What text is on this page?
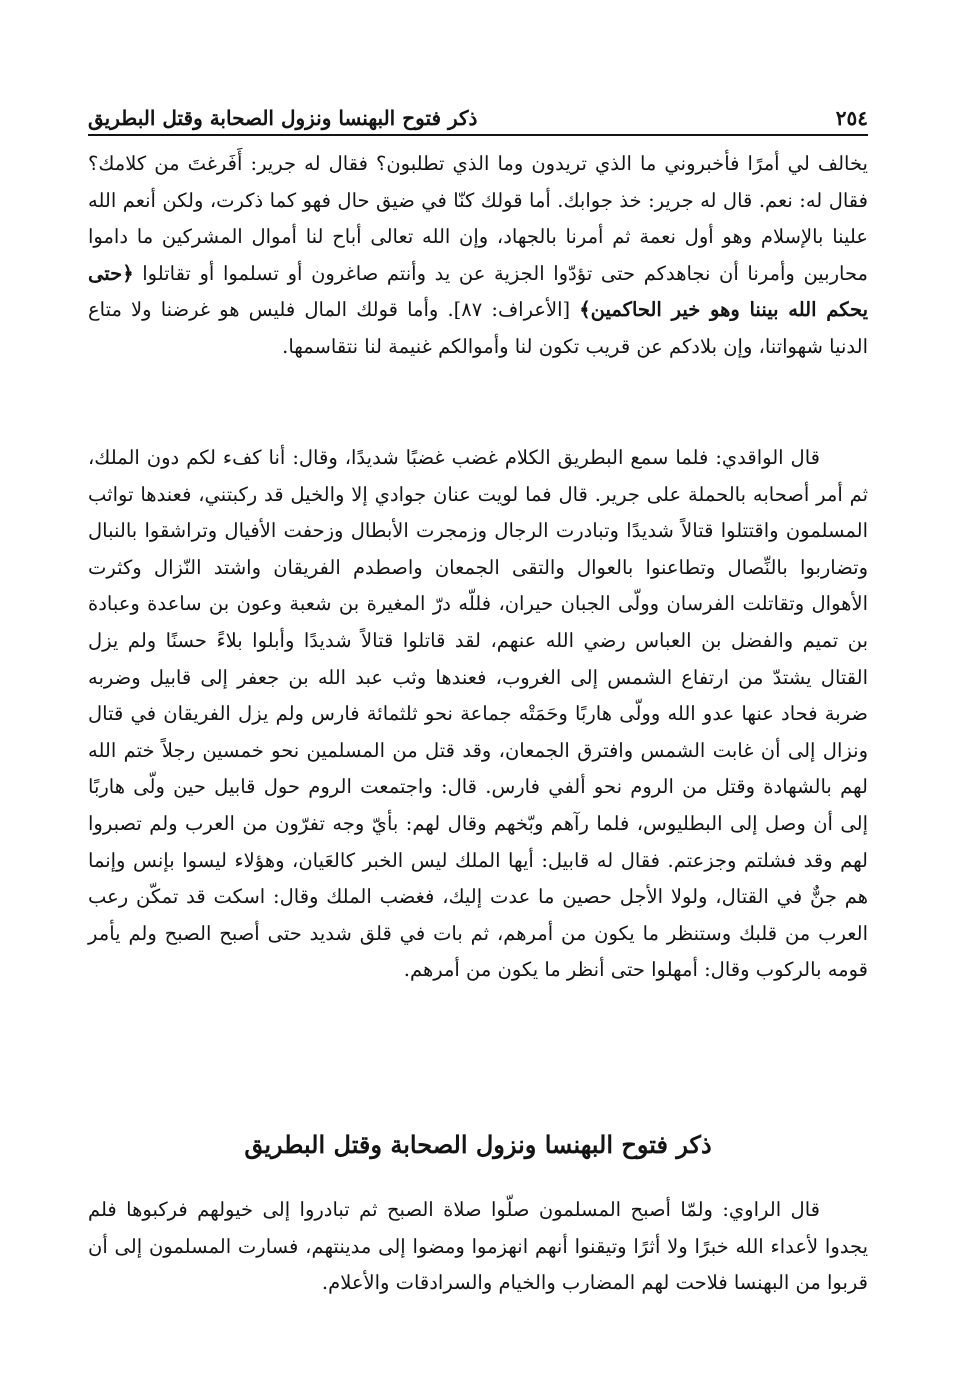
٢٥٤
ذكر فتوح البهنسا ونزول الصحابة وقتل البطريق

يخالف لي أمرًا فأخبروني ما الذي تريدون وما الذي تطلبون؟ فقال له جرير: أَفَرغتَ من كلامك؟ فقال له: نعم. قال له جرير: خذ جوابك. أما قولك كنّا في ضيق حال فهو كما ذكرت، ولكن أنعم الله علينا بالإسلام وهو أول نعمة ثم أمرنا بالجهاد، وإن الله تعالى أباح لنا أموال المشركين ما داموا محاربين وأمرنا أن نجاهدكم حتى تؤدّوا الجزية عن يد وأنتم صاغرون أو تسلموا أو تقاتلوا ﴿حتى يحكم الله بيننا وهو خير الحاكمين﴾ [الأعراف: ٨٧]. وأما قولك المال فليس هو غرضنا ولا متاع الدنيا شهواتنا، وإن بلادكم عن قريب تكون لنا وأموالكم غنيمة لنا نتقاسمها.

قال الواقدي: فلما سمع البطريق الكلام غضب غضبًا شديدًا، وقال: أنا كفء لكم دون الملك، ثم أمر أصحابه بالحملة على جرير. قال فما لويت عنان جوادي إلا والخيل قد ركبتني، فعندها تواثب المسلمون واقتتلوا قتالاً شديدًا وتبادرت الرجال وزمجرت الأبطال وزحفت الأفيال وتراشقوا بالنبال وتضاربوا بالنِّصال وتطاعنوا بالعوال والتقى الجمعان واصطدم الفريقان واشتد النّزال وكثرت الأهوال وتقاتلت الفرسان وولّى الجبان حيران، فللّه درّ المغيرة بن شعبة وعون بن ساعدة وعبادة بن تميم والفضل بن العباس رضي الله عنهم، لقد قاتلوا قتالاً شديدًا وأبلوا بلاءً حسنًا ولم يزل القتال يشتدّ من ارتفاع الشمس إلى الغروب، فعندها وثب عبد الله بن جعفر إلى قابيل وضربه ضربة فحاد عنها عدو الله وولّى هاربًا وحَمَتْه جماعة نحو ثلثمائة فارس ولم يزل الفريقان في قتال ونزال إلى أن غابت الشمس وافترق الجمعان، وقد قتل من المسلمين نحو خمسين رجلاً ختم الله لهم بالشهادة وقتل من الروم نحو ألفي فارس. قال: واجتمعت الروم حول قابيل حين ولّى هاربًا إلى أن وصل إلى البطليوس، فلما رآهم وبّخهم وقال لهم: بأيّ وجه تفرّون من العرب ولم تصبروا لهم وقد فشلتم وجزعتم. فقال له قابيل: أيها الملك ليس الخبر كالعَيان، وهؤلاء ليسوا بإنس وإنما هم جنٌّ في القتال، ولولا الأجل حصين ما عدت إليك، فغضب الملك وقال: اسكت قد تمكّن رعب العرب من قلبك وستنظر ما يكون من أمرهم، ثم بات في قلق شديد حتى أصبح الصبح ولم يأمر قومه بالركوب وقال: أمهلوا حتى أنظر ما يكون من أمرهم.

ذكر فتوح البهنسا ونزول الصحابة وقتل البطريق

قال الراوي: ولمّا أصبح المسلمون صلّوا صلاة الصبح ثم تبادروا إلى خيولهم فركبوها فلم يجدوا لأعداء الله خبرًا ولا أثرًا وتيقنوا أنهم انهزموا ومضوا إلى مدينتهم، فسارت المسلمون إلى أن قربوا من البهنسا فلاحت لهم المضارب والخيام والسرادقات والأعلام.
